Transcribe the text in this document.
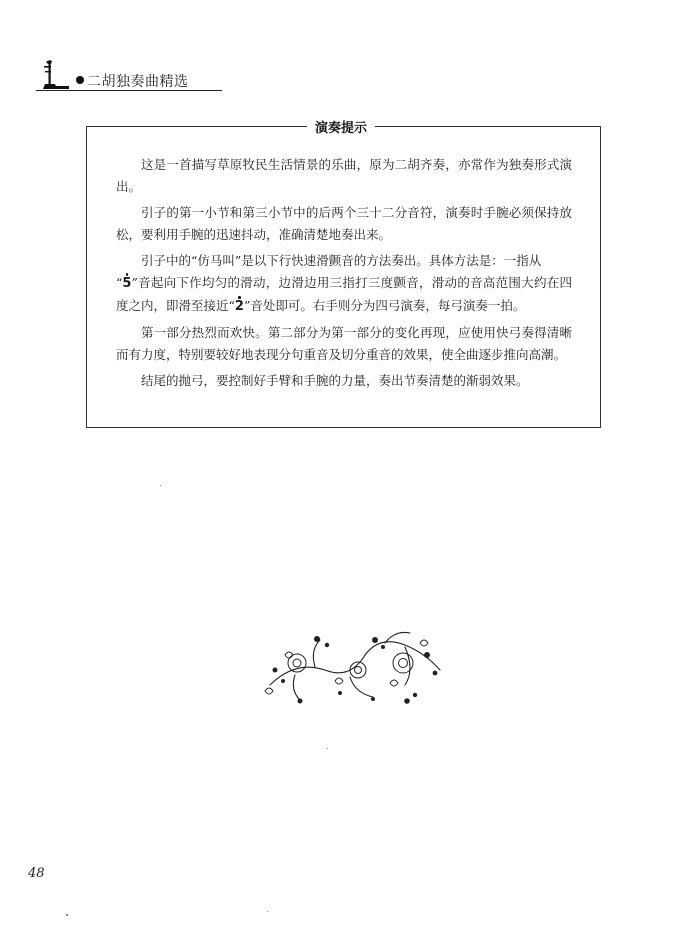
二胡独奏曲精选
演奏提示

这是一首描写草原牧民生活情景的乐曲，原为二胡齐奏，亦常作为独奏形式演出。

引子的第一小节和第三小节中的后两个三十二分音符，演奏时手腕必须保持放松，要利用手腕的迅速抖动，准确清楚地奏出来。

引子中的“仿马叫”是以下行快速滑颤音的方法奏出。具体方法是：一指从
“
5”音起向下作均匀的滑动，边滑边用三指打三度颤音，滑动的音高范围大约在四度之内，即滑至接近“
2”音处即可。右手则分为四弓演奏，每弓演奏一拍。

第一部分热烈而欢快。第二部分为第一部分的变化再现，应使用快弓奏得清晰而有力度，特别要较好地表现分句重音及切分重音的效果，使全曲逐步推向高潮。

结尾的抛弓，要控制好手臂和手腕的力量，奏出节奏清楚的渐弱效果。

48
